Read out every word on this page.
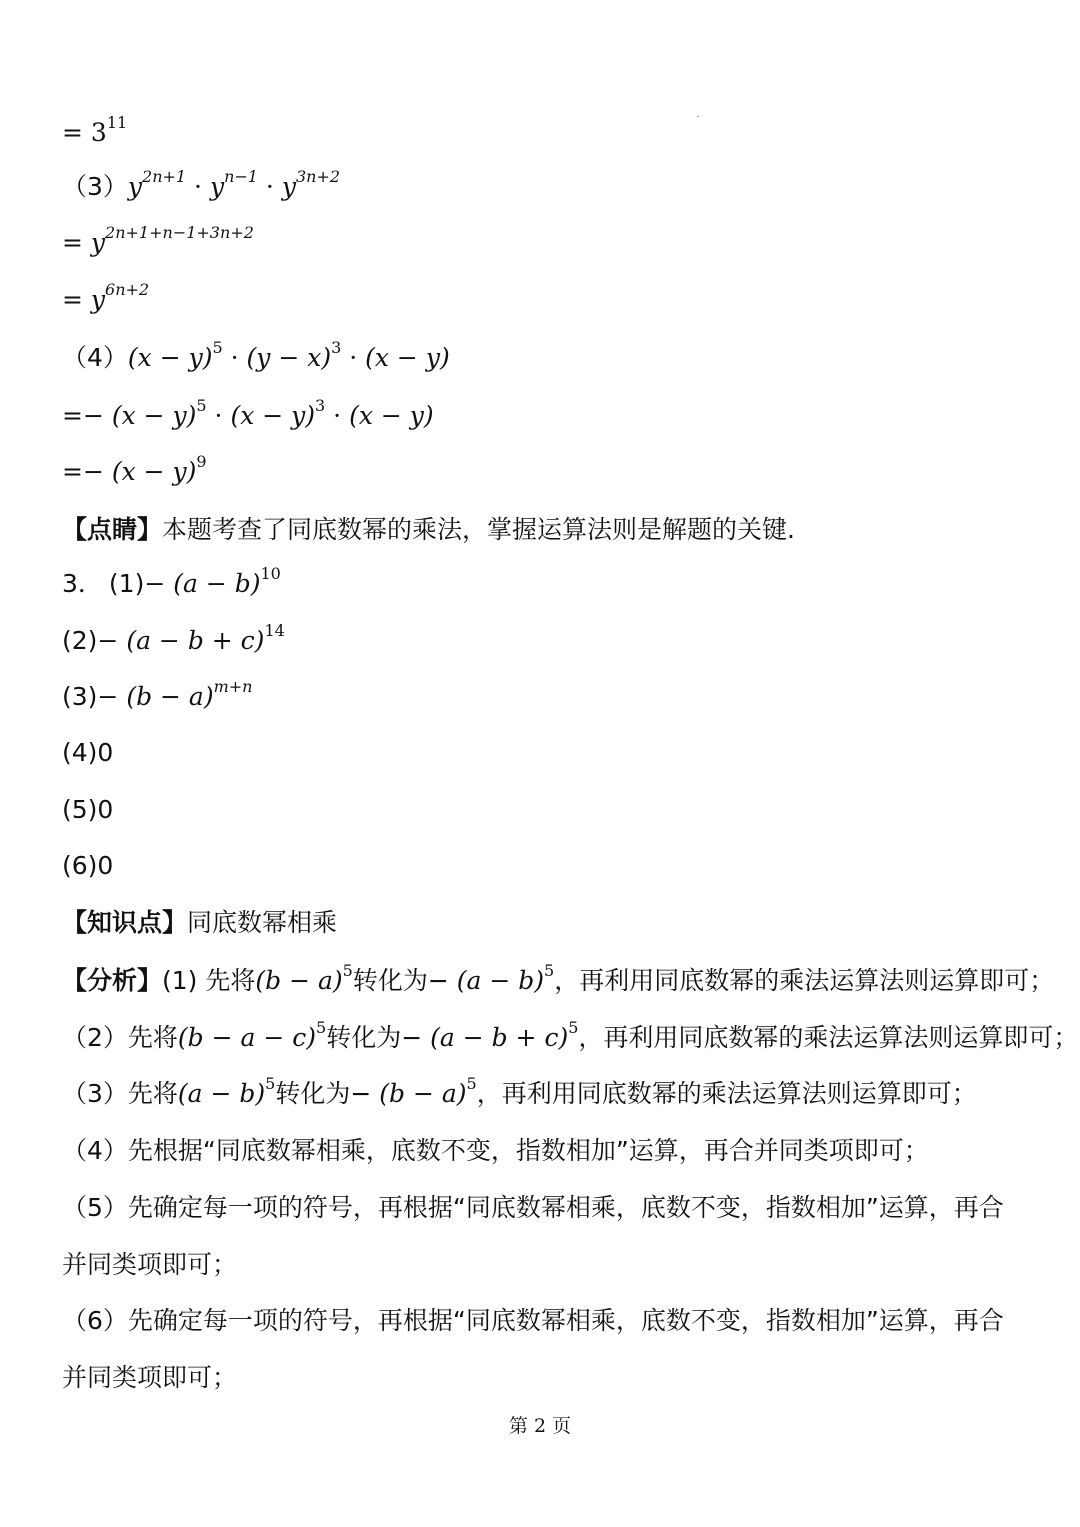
= $3^{11}$
$(3)y^{2n+1} \cdot y^{n-1} \cdot y^{3n+2}$
= $y^{2n+1+n-1+3n+2}$
= $y^{6n+2}$
$(4)(x - y)^5 \cdot (y - x)^3 \cdot (x - y)$
=− $(x - y)^5 \cdot (x - y)^3 \cdot (x - y)$
=− $(x - y)^9$
【点睛】本题考查了同底数幂的乘法，掌握运算法则是解题的关键.
3． $(1)- (a - b)^{10}$
$(2)- (a - b + c)^{14}$
$(3)- (b - a)^{m+n}$
(4)0
(5)0
(6)0
【知识点】同底数幂相乘
【分析】(1) 先将$(b - a)^5$转化为− $(a - b)^5$，再利用同底数幂的乘法运算法则运算即可；
（2）先将$(b - a - c)^5$转化为− $(a - b + c)^5$，再利用同底数幂的乘法运算法则运算即可；
（3）先将$(a - b)^5$转化为− $(b - a)^5$，再利用同底数幂的乘法运算法则运算即可；
（4）先根据“同底数幂相乘，底数不变，指数相加”运算，再合并同类项即可；
（5）先确定每一项的符号，再根据“同底数幂相乘，底数不变，指数相加”运算，再合
并同类项即可；
（6）先确定每一项的符号，再根据“同底数幂相乘，底数不变，指数相加”运算，再合
并同类项即可；
第 2 页
